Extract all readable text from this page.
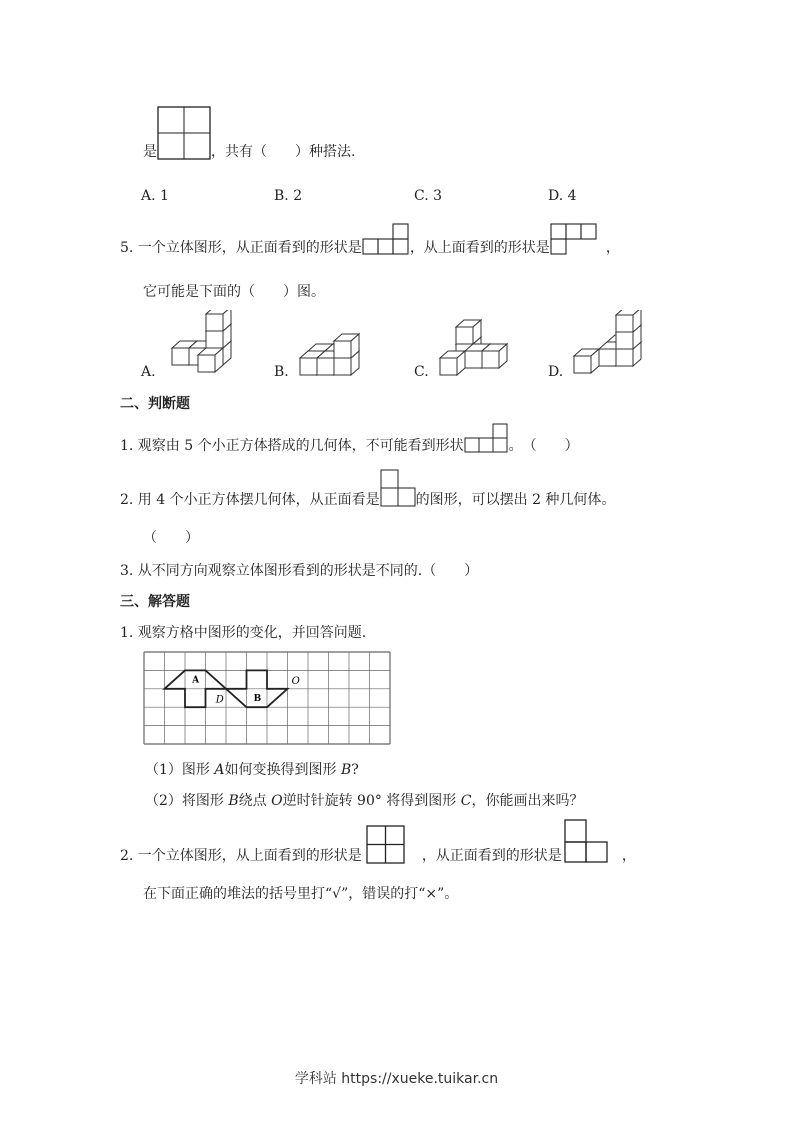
是	，共有（　　）种搭法.
A. 1	B. 2	C. 3	D. 4
5. 一个立体图形，从正面看到的形状是	，从上面看到的形状是	，
它可能是下面的（　　）图。
A.	B.	C.	D.
二、判断题
1. 观察由 5 个小正方体搭成的几何体，不可能看到形状	。　（　　）
2. 用 4 个小正方体摆几何体，从正面看是	的图形，可以摆出 2 种几何体。
（　　）
3. 从不同方向观察立体图形看到的形状是不同的.（　　）
三、解答题
1. 观察方格中图形的变化，并回答问题.
A
B
D
O
（1）图形 A如何变换得到图形 B?
（2）将图形 B绕点 O逆时针旋转 90° 将得到图形 C，你能画出来吗？
2. 一个立体图形，从上面看到的形状是	，从正面看到的形状是	，
在下面正确的堆法的括号里打“√”，错误的打“×”。
学科站 https://xueke.tuikar.cn
